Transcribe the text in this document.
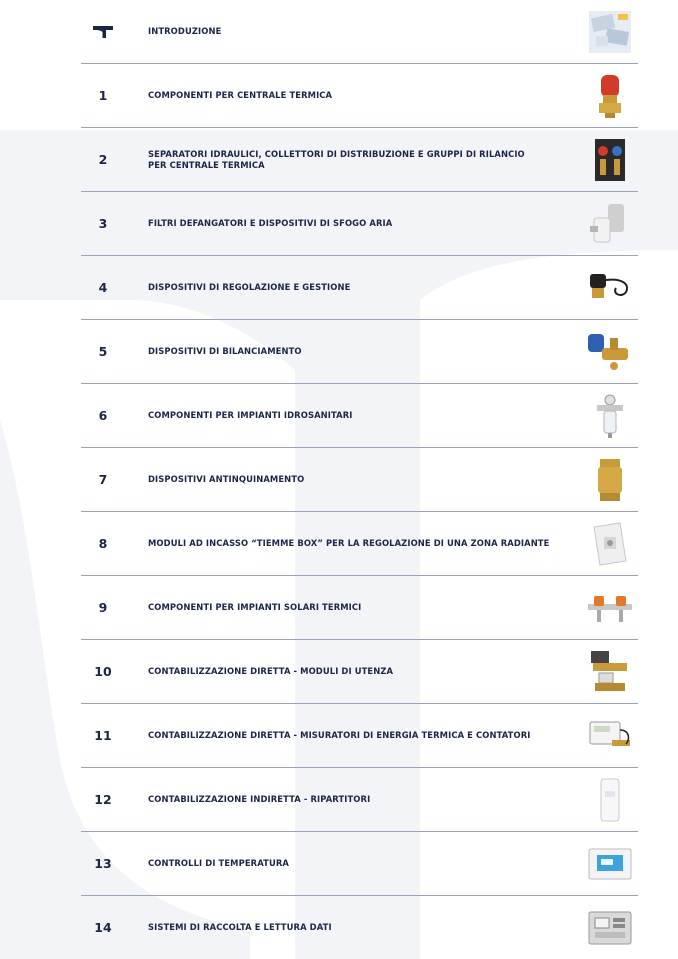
INTRODUZIONE
1	COMPONENTI PER CENTRALE TERMICA
2	SEPARATORI IDRAULICI, COLLETTORI DI DISTRIBUZIONE E GRUPPI DI RILANCIO
PER CENTRALE TERMICA
3	FILTRI DEFANGATORI E DISPOSITIVI DI SFOGO ARIA
4	DISPOSITIVI DI REGOLAZIONE E GESTIONE
5	DISPOSITIVI DI BILANCIAMENTO
6	COMPONENTI PER IMPIANTI IDROSANITARI
7	DISPOSITIVI ANTINQUINAMENTO
8	MODULI AD INCASSO “TIEMME BOX” PER LA REGOLAZIONE DI UNA ZONA RADIANTE
9	COMPONENTI PER IMPIANTI SOLARI TERMICI
10	CONTABILIZZAZIONE DIRETTA - MODULI DI UTENZA
11	CONTABILIZZAZIONE DIRETTA - MISURATORI DI ENERGIA TERMICA E CONTATORI
12	CONTABILIZZAZIONE INDIRETTA - RIPARTITORI
13	CONTROLLI DI TEMPERATURA
14	SISTEMI DI RACCOLTA E LETTURA DATI
